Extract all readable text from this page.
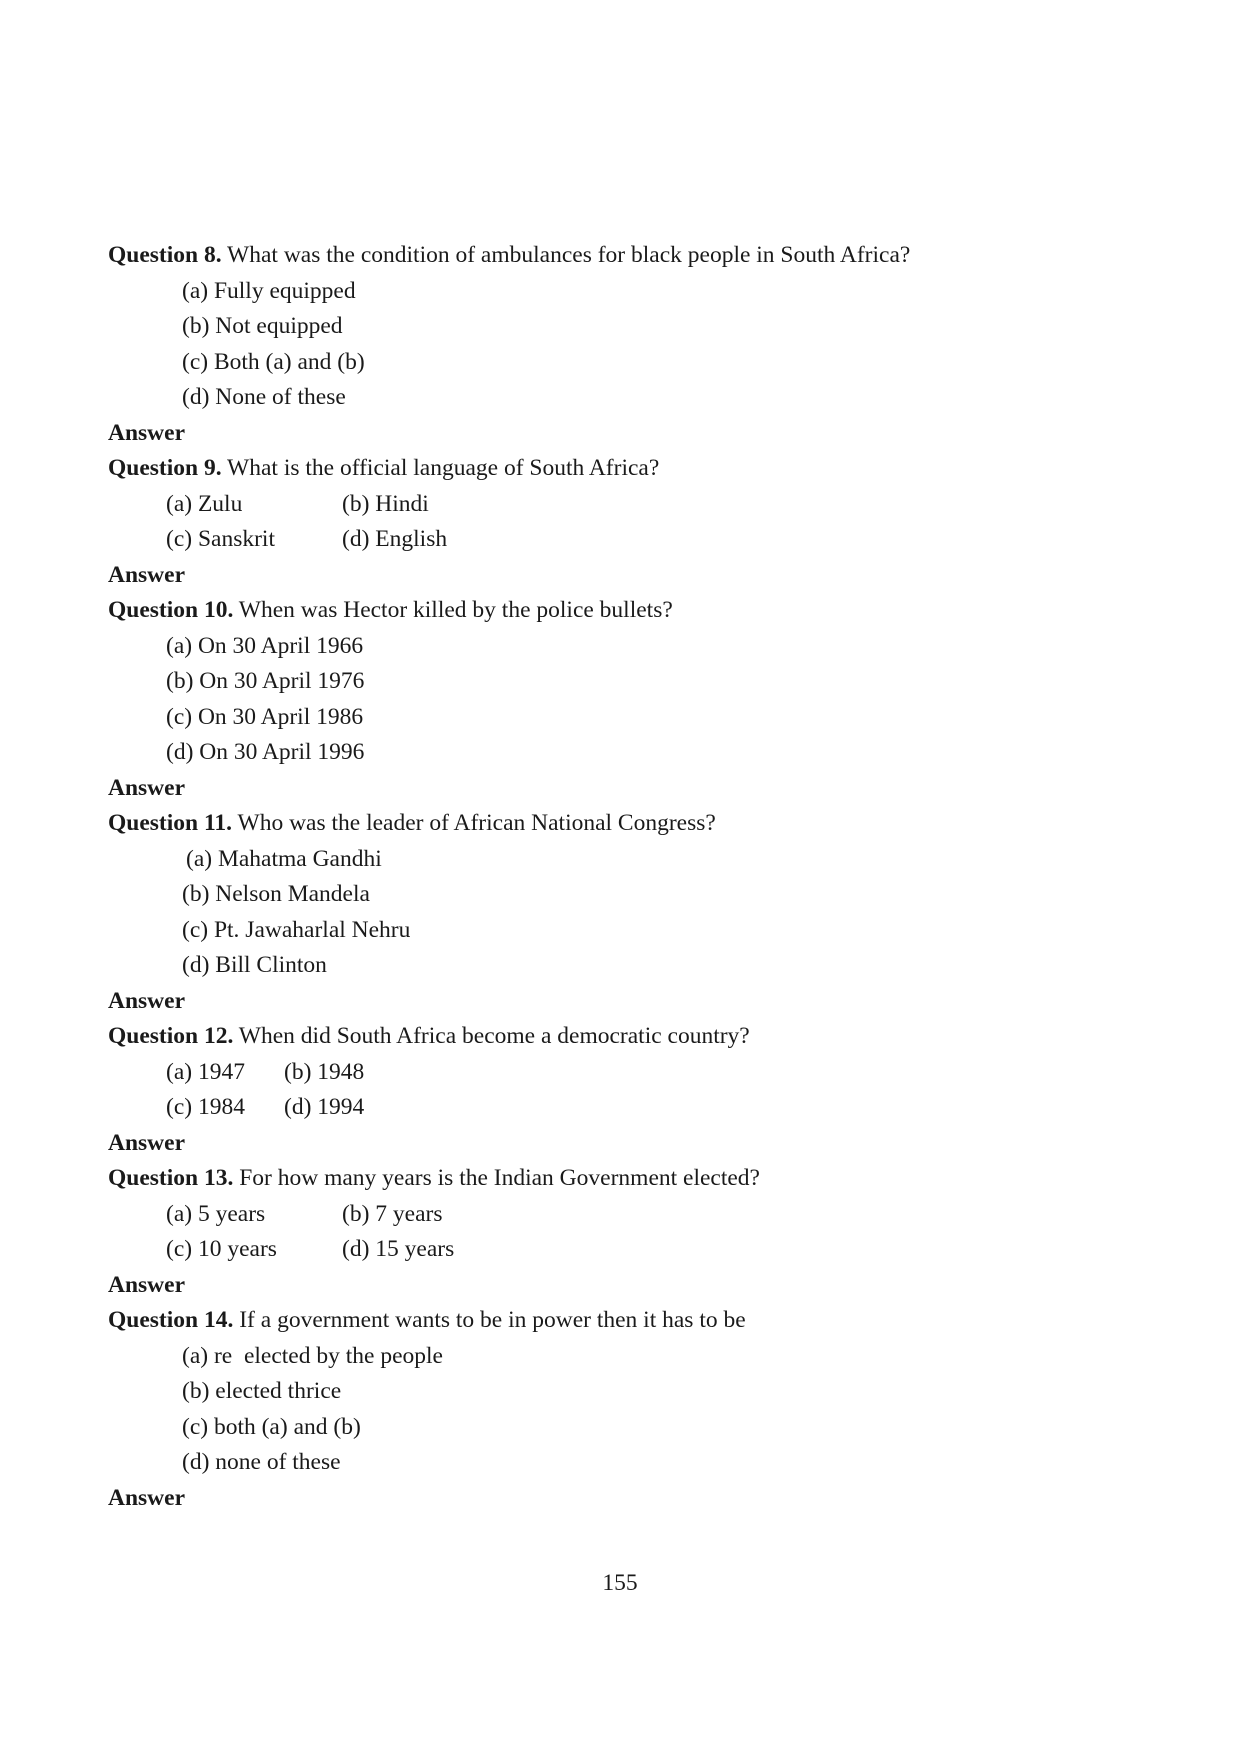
Question 8. What was the condition of ambulances for black people in South Africa?
(a) Fully equipped
(b) Not equipped
(c) Both (a) and (b)
(d) None of these
Answer
Question 9. What is the official language of South Africa?
(a) Zulu	(b) Hindi
(c) Sanskrit	(d) English
Answer
Question 10. When was Hector killed by the police bullets?
(a) On 30 April 1966
(b) On 30 April 1976
(c) On 30 April 1986
(d) On 30 April 1996
Answer
Question 11. Who was the leader of African National Congress?
(a) Mahatma Gandhi
(b) Nelson Mandela
(c) Pt. Jawaharlal Nehru
(d) Bill Clinton
Answer
Question 12. When did South Africa become a democratic country?
(a) 1947 (b) 1948
(c) 1984 (d) 1994
Answer
Question 13. For how many years is the Indian Government elected?
(a) 5 years	(b) 7 years
(c) 10 years	(d) 15 years
Answer
Question 14. If a government wants to be in power then it has to be
(a) re  elected by the people
(b) elected thrice
(c) both (a) and (b)
(d) none of these
Answer
155
